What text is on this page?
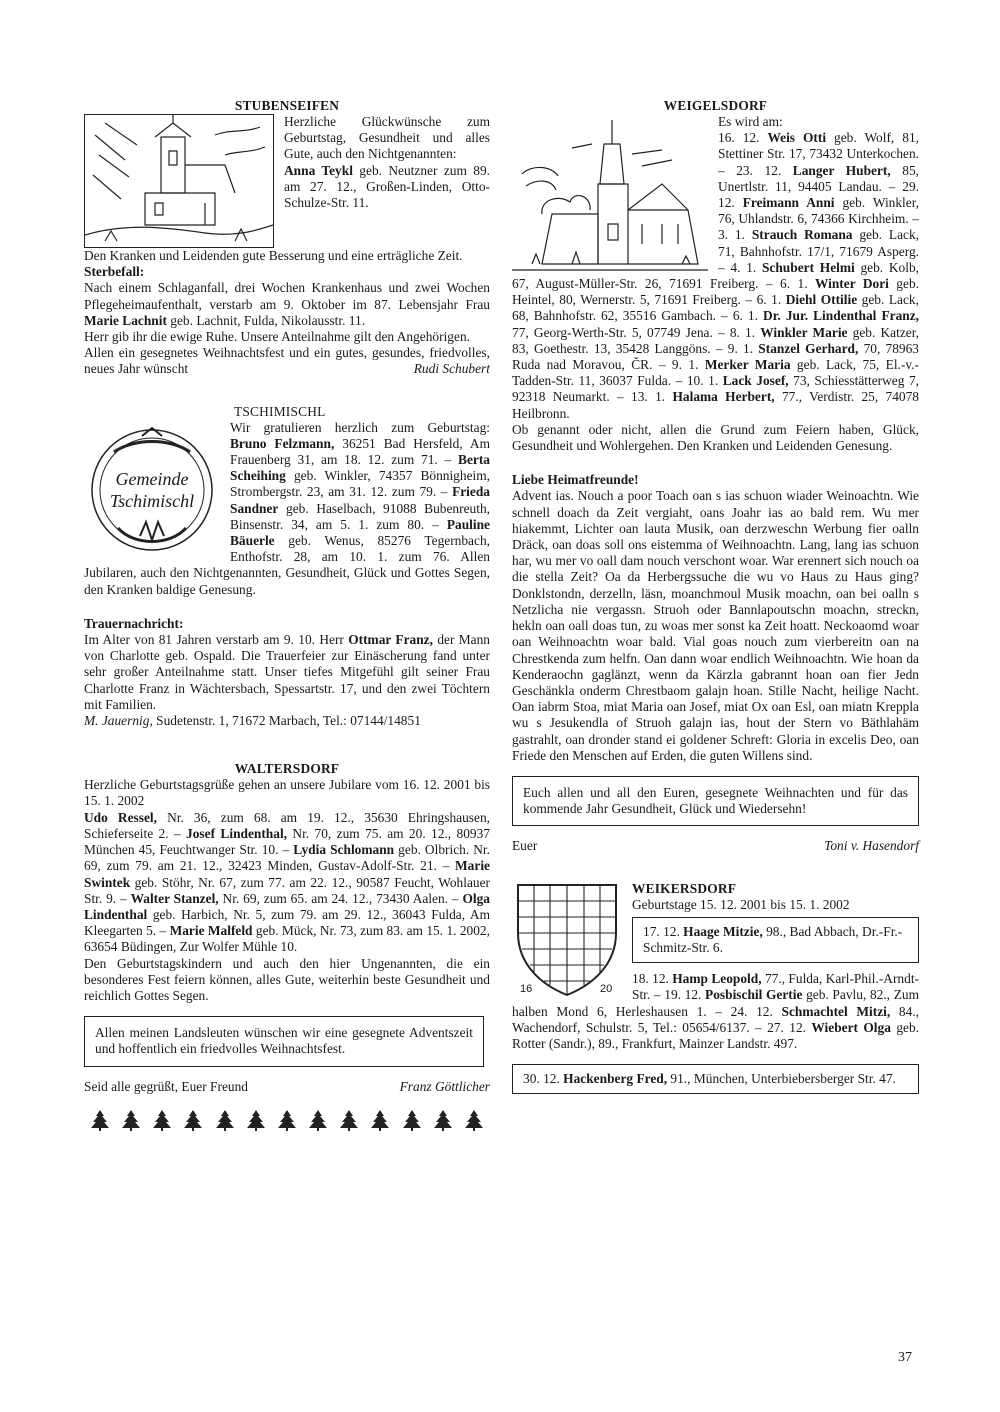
STUBENSEIFEN

Herzliche Glückwünsche zum Geburtstag, Gesundheit und alles Gute, auch den Nichtgenannten:

Anna Teykl geb. Neutzner zum 89. am 27. 12., Großen-Linden, Otto-Schulze-Str. 11.

Den Kranken und Leidenden gute Besserung und eine erträgliche Zeit.

Sterbefall:

Nach einem Schlaganfall, drei Wochen Krankenhaus und zwei Wochen Pflegeheimaufenthalt, verstarb am 9. Oktober im 87. Lebensjahr Frau Marie Lachnit geb. Lachnit, Fulda, Nikolausstr. 11.

Herr gib ihr die ewige Ruhe. Unsere Anteilnahme gilt den Angehörigen.

Allen ein gesegnetes Weihnachtsfest und ein gutes, gesundes, friedvolles, neues Jahr wünscht	Rudi Schubert

TSCHIMISCHL
Gemeinde
Tschimischl

Wir gratulieren herzlich zum Geburtstag: Bruno Felzmann, 36251 Bad Hersfeld, Am Frauenberg 31, am 18. 12. zum 71. – Berta Scheihing geb. Winkler, 74357 Bönnigheim, Strombergstr. 23, am 31. 12. zum 79. – Frieda Sandner geb. Haselbach, 91088 Bubenreuth, Binsenstr. 34, am 5. 1. zum 80. – Pauline Bäuerle geb. Wenus, 85276 Tegernbach, Enthofstr. 28, am 10. 1. zum 76. Allen Jubilaren, auch den Nichtgenannten, Gesundheit, Glück und Gottes Segen, den Kranken baldige Genesung.

Trauernachricht:

Im Alter von 81 Jahren verstarb am 9. 10. Herr Ottmar Franz, der Mann von Charlotte geb. Ospald. Die Trauerfeier zur Einäscherung fand unter sehr großer Anteilnahme statt. Unser tiefes Mitgefühl gilt seiner Frau Charlotte Franz in Wächtersbach, Spessartstr. 17, und den zwei Töchtern mit Familien.

M. Jauernig, Sudetenstr. 1, 71672 Marbach, Tel.: 07144/14851

WALTERSDORF

Herzliche Geburtstagsgrüße gehen an unsere Jubilare vom 16. 12. 2001 bis 15. 1. 2002

Udo Ressel, Nr. 36, zum 68. am 19. 12., 35630 Ehringshausen, Schieferseite 2. – Josef Lindenthal, Nr. 70, zum 75. am 20. 12., 80937 München 45, Feuchtwanger Str. 10. – Lydia Schlomann geb. Olbrich. Nr. 69, zum 79. am 21. 12., 32423 Minden, Gustav-Adolf-Str. 21. – Marie Swintek geb. Stöhr, Nr. 67, zum 77. am 22. 12., 90587 Feucht, Wohlauer Str. 9. – Walter Stanzel, Nr. 69, zum 65. am 24. 12., 73430 Aalen. – Olga Lindenthal geb. Harbich, Nr. 5, zum 79. am 29. 12., 36043 Fulda, Am Kleegarten 5. – Marie Malfeld geb. Mück, Nr. 73, zum 83. am 15. 1. 2002, 63654 Büdingen, Zur Wolfer Mühle 10.

Den Geburtstagskindern und auch den hier Ungenannten, die ein besonderes Fest feiern können, alles Gute, weiterhin beste Gesundheit und reichlich Gottes Segen.

Allen meinen Landsleuten wünschen wir eine gesegnete Adventszeit und hoffentlich ein friedvolles Weihnachtsfest.

Seid alle gegrüßt, Euer Freund	Franz Göttlicher
WEIGELSDORF

Es wird am:

16. 12. Weis Otti geb. Wolf, 81, Stettiner Str. 17, 73432 Unterkochen. – 23. 12. Langer Hubert, 85, Unertlstr. 11, 94405 Landau. – 29. 12. Freimann Anni geb. Winkler, 76, Uhlandstr. 6, 74366 Kirchheim. – 3. 1. Strauch Romana geb. Lack, 71, Bahnhofstr. 17/1, 71679 Asperg. – 4. 1. Schubert Helmi geb. Kolb, 67, August-Müller-Str. 26, 71691 Freiberg. – 6. 1. Winter Dori geb. Heintel, 80, Wernerstr. 5, 71691 Freiberg. – 6. 1. Diehl Ottilie geb. Lack, 68, Bahnhofstr. 62, 35516 Gambach. – 6. 1. Dr. Jur. Lindenthal Franz, 77, Georg-Werth-Str. 5, 07749 Jena. – 8. 1. Winkler Marie geb. Katzer, 83, Goethestr. 13, 35428 Langgöns. – 9. 1. Stanzel Gerhard, 70, 78963 Ruda nad Moravou, ČR. – 9. 1. Merker Maria geb. Lack, 75, El.-v.-Tadden-Str. 11, 36037 Fulda. – 10. 1. Lack Josef, 73, Schiesstätterweg 7, 92318 Neumarkt. – 13. 1. Halama Herbert, 77., Verdistr. 25, 74078 Heilbronn.

Ob genannt oder nicht, allen die Grund zum Feiern haben, Glück, Gesundheit und Wohlergehen. Den Kranken und Leidenden Genesung.

Liebe Heimatfreunde!

Advent ias. Nouch a poor Toach oan s ias schuon wiader Weinoachtn. Wie schnell doach da Zeit vergiaht, oans Joahr ias ao bald rem. Wu mer hiakemmt, Lichter oan lauta Musik, oan derzweschn Werbung fier oalln Dräck, oan doas soll ons eistemma of Weihnoachtn. Lang, lang ias schuon har, wu mer vo oall dam nouch verschont woar. War erennert sich nouch oa die stella Zeit? Oa da Herbergssuche die wu vo Haus zu Haus ging? Donklstondn, derzelln, läsn, moanchmoul Musik moachn, oan bei oalln s Netzlicha nie vergassn. Struoh oder Bannlapoutschn moachn, streckn, hekln oan oall doas tun, zu woas mer sonst ka Zeit hoatt. Neckoaomd woar oan Weihnoachtn woar bald. Vial goas nouch zum vierbereitn oan na Chrestkenda zum helfn. Oan dann woar endlich Weihnoachtn. Wie hoan da Kenderaochn gaglänzt, wenn da Kärzla gabrannt hoan oan fier Jedn Geschänkla onderm Chrestbaom galajn hoan. Stille Nacht, heilige Nacht. Oan iabrm Stoa, miat Maria oan Josef, miat Ox oan Esl, oan miatn Kreppla wu s Jesukendla of Struoh galajn ias, hout der Stern vo Bäthlahäm gastrahlt, oan dronder stand ei goldener Schreft: Gloria in excelis Deo, oan Friede den Menschen auf Erden, die guten Willens sind.

Euch allen und all den Euren, gesegnete Weihnachten und für das kommende Jahr Gesundheit, Glück und Wiedersehn!

Euer	Toni v. Hasendorf
16	20
WEIKERSDORF

Geburtstage 15. 12. 2001 bis 15. 1. 2002

17. 12. Haage Mitzie, 98., Bad Abbach, Dr.-Fr.-Schmitz-Str. 6.

18. 12. Hamp Leopold, 77., Fulda, Karl-Phil.-Arndt-Str. – 19. 12. Posbischil Gertie geb. Pavlu, 82., Zum halben Mond 6, Herleshausen 1. – 24. 12. Schmachtel Mitzi, 84., Wachendorf, Schulstr. 5, Tel.: 05654/6137. – 27. 12. Wiebert Olga geb. Rotter (Sandr.), 89., Frankfurt, Mainzer Landstr. 497.

30. 12. Hackenberg Fred, 91., München, Unterbiebersberger Str. 47.

37
